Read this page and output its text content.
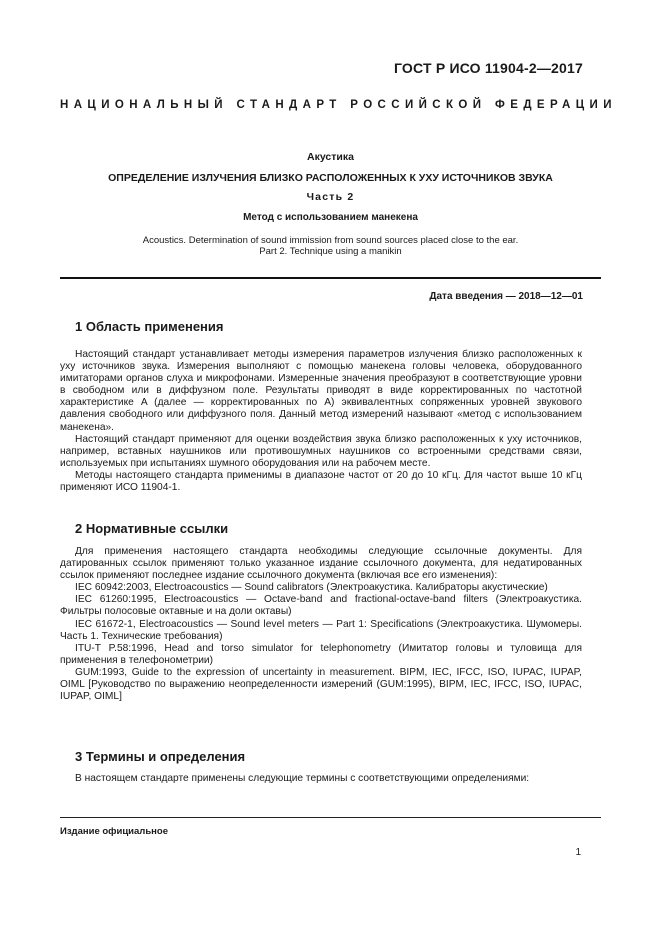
ГОСТ Р ИСО 11904-2—2017
НАЦИОНАЛЬНЫЙ СТАНДАРТ РОССИЙСКОЙ ФЕДЕРАЦИИ
Акустика
ОПРЕДЕЛЕНИЕ ИЗЛУЧЕНИЯ БЛИЗКО РАСПОЛОЖЕННЫХ К УХУ ИСТОЧНИКОВ ЗВУКА
Часть 2
Метод с использованием манекена
Acoustics. Determination of sound immission from sound sources placed close to the ear.
Part 2. Technique using a manikin
Дата введения — 2018—12—01
1 Область применения

Настоящий стандарт устанавливает методы измерения параметров излучения близко расположенных к уху источников звука. Измерения выполняют с помощью манекена головы человека, оборудованного имитаторами органов слуха и микрофонами. Измеренные значения преобразуют в соответствующие уровни в свободном или в диффузном поле. Результаты приводят в виде корректированных по частотной характеристике A (далее — корректированных по A) эквивалентных сопряженных уровней звукового давления свободного или диффузного поля. Данный метод измерений называют «метод с использованием манекена».

Настоящий стандарт применяют для оценки воздействия звука близко расположенных к уху источников, например, вставных наушников или противошумных наушников со встроенными средствами связи, используемых при испытаниях шумного оборудования или на рабочем месте.

Методы настоящего стандарта применимы в диапазоне частот от 20 до 10 кГц. Для частот выше 10 кГц применяют ИСО 11904-1.

2 Нормативные ссылки

Для применения настоящего стандарта необходимы следующие ссылочные документы. Для датированных ссылок применяют только указанное издание ссылочного документа, для недатированных ссылок применяют последнее издание ссылочного документа (включая все его изменения):

IEC 60942:2003, Electroacoustics — Sound calibrators (Электроакустика. Калибраторы акустические)

IEC 61260:1995, Electroacoustics — Octave-band and fractional-octave-band filters (Электроакустика. Фильтры полосовые октавные и на доли октавы)

IEC 61672-1, Electroacoustics — Sound level meters — Part 1: Specifications (Электроакустика. Шумомеры. Часть 1. Технические требования)

ITU-T P.58:1996, Head and torso simulator for telephonometry (Имитатор головы и туловища для применения в телефонометрии)

GUM:1993, Guide to the expression of uncertainty in measurement. BIPM, IEC, IFCC, ISO, IUPAC, IUPAP, OIML [Руководство по выражению неопределенности измерений (GUM:1995), BIPM, IEC, IFCC, ISO, IUPAC, IUPAP, OIML]

3 Термины и определения

В настоящем стандарте применены следующие термины с соответствующими определениями:

Издание официальное
1
